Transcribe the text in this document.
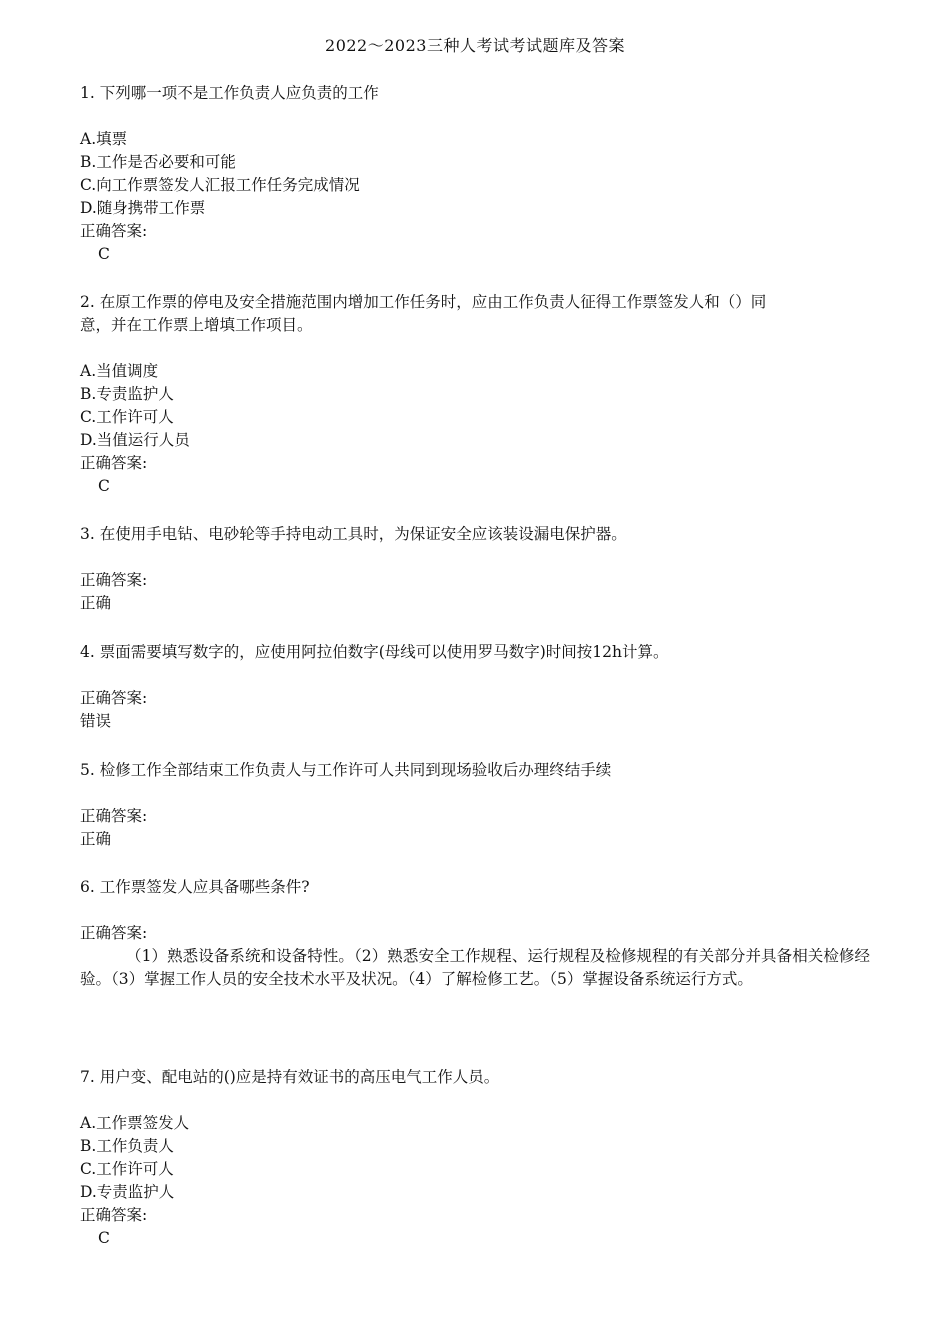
2022～2023三种人考试考试题库及答案
1. 下列哪一项不是工作负责人应负责的工作
A.填票
B.工作是否必要和可能
C.向工作票签发人汇报工作任务完成情况
D.随身携带工作票
正确答案:
C
2. 在原工作票的停电及安全措施范围内增加工作任务时，应由工作负责人征得工作票签发人和（）同
意，并在工作票上增填工作项目。
A.当值调度
B.专责监护人
C.工作许可人
D.当值运行人员
正确答案:
C
3. 在使用手电钻、电砂轮等手持电动工具时，为保证安全应该装设漏电保护器。
正确答案:
正确
4. 票面需要填写数字的，应使用阿拉伯数字(母线可以使用罗马数字)时间按12h计算。
正确答案:
错误
5. 检修工作全部结束工作负责人与工作许可人共同到现场验收后办理终结手续
正确答案:
正确
6. 工作票签发人应具备哪些条件?
正确答案:
（1）熟悉设备系统和设备特性。（2）熟悉安全工作规程、运行规程及检修规程的有关部分并具备相关检修经验。（3）掌握工作人员的安全技术水平及状况。（4）了解检修工艺。（5）掌握设备系统运行方式。
7. 用户变、配电站的()应是持有效证书的高压电气工作人员。
A.工作票签发人
B.工作负责人
C.工作许可人
D.专责监护人
正确答案:
C
